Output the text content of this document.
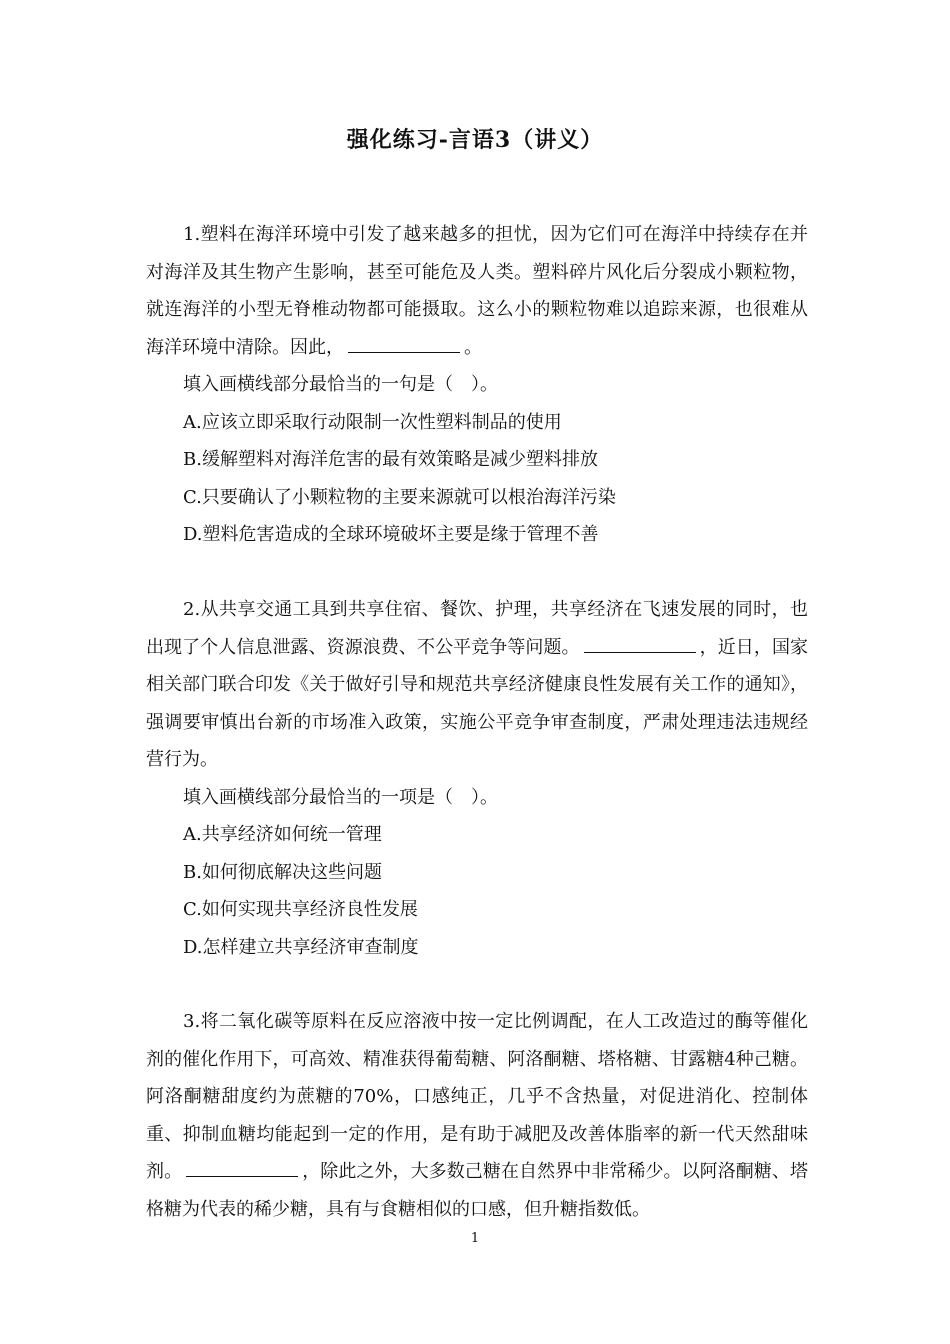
强化练习-言语3（讲义）

1.塑料在海洋环境中引发了越来越多的担忧，因为它们可在海洋中持续存在并对海洋及其生物产生影响，甚至可能危及人类。塑料碎片风化后分裂成小颗粒物，就连海洋的小型无脊椎动物都可能摄取。这么小的颗粒物难以追踪来源，也很难从海洋环境中清除。因此，	。

填入画横线部分最恰当的一句是（　）。

A.应该立即采取行动限制一次性塑料制品的使用

B.缓解塑料对海洋危害的最有效策略是减少塑料排放

C.只要确认了小颗粒物的主要来源就可以根治海洋污染

D.塑料危害造成的全球环境破坏主要是缘于管理不善

2.从共享交通工具到共享住宿、餐饮、护理，共享经济在飞速发展的同时，也出现了个人信息泄露、资源浪费、不公平竞争等问题。	，近日，国家相关部门联合印发《关于做好引导和规范共享经济健康良性发展有关工作的通知》，强调要审慎出台新的市场准入政策，实施公平竞争审查制度，严肃处理违法违规经营行为。

填入画横线部分最恰当的一项是（　）。

A.共享经济如何统一管理

B.如何彻底解决这些问题

C.如何实现共享经济良性发展

D.怎样建立共享经济审查制度

3.将二氧化碳等原料在反应溶液中按一定比例调配，在人工改造过的酶等催化剂的催化作用下，可高效、精准获得葡萄糖、阿洛酮糖、塔格糖、甘露糖4种己糖。阿洛酮糖甜度约为蔗糖的70%，口感纯正，几乎不含热量，对促进消化、控制体重、抑制血糖均能起到一定的作用，是有助于减肥及改善体脂率的新一代天然甜味剂。	，除此之外，大多数己糖在自然界中非常稀少。以阿洛酮糖、塔格糖为代表的稀少糖，具有与食糖相似的口感，但升糖指数低。

1
